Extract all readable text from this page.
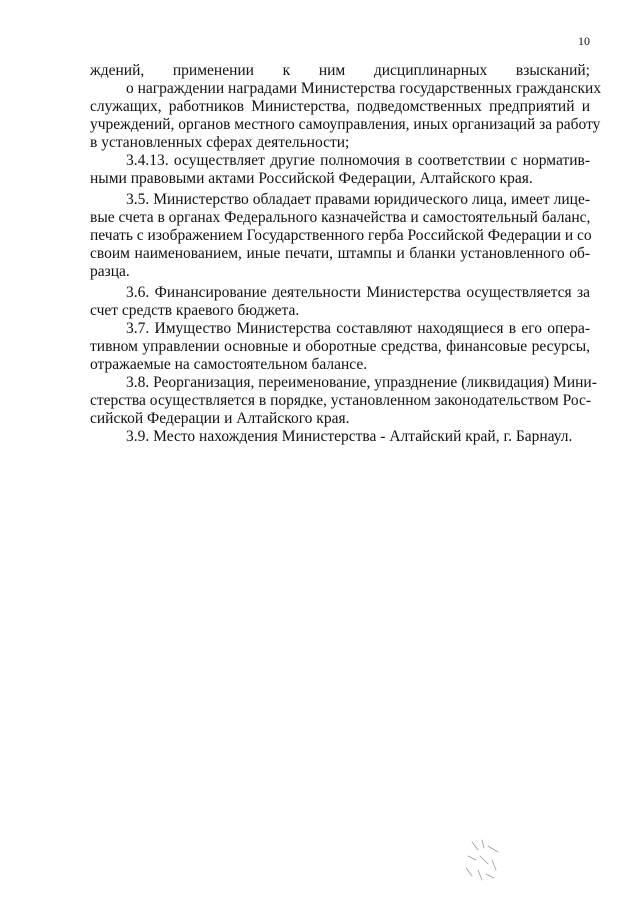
10
ждений, применении к ним дисциплинарных взысканий;
о награждении наградами Министерства государственных гражданских
служащих, работников Министерства, подведомственных предприятий и
учреждений, органов местного самоуправления, иных организаций за работу
в установленных сферах деятельности;
3.4.13. осуществляет другие полномочия в соответствии с норматив-
ными правовыми актами Российской Федерации, Алтайского края.
3.5. Министерство обладает правами юридического лица, имеет лице-
вые счета в органах Федерального казначейства и самостоятельный баланс,
печать с изображением Государственного герба Российской Федерации и со
своим наименованием, иные печати, штампы и бланки установленного об-
разца.
3.6. Финансирование деятельности Министерства осуществляется за
счет средств краевого бюджета.
3.7. Имущество Министерства составляют находящиеся в его опера-
тивном управлении основные и оборотные средства, финансовые ресурсы,
отражаемые на самостоятельном балансе.
3.8. Реорганизация, переименование, упразднение (ликвидация) Мини-
стерства осуществляется в порядке, установленном законодательством Рос-
сийской Федерации и Алтайского края.
3.9. Место нахождения Министерства - Алтайский край, г. Барнаул.
